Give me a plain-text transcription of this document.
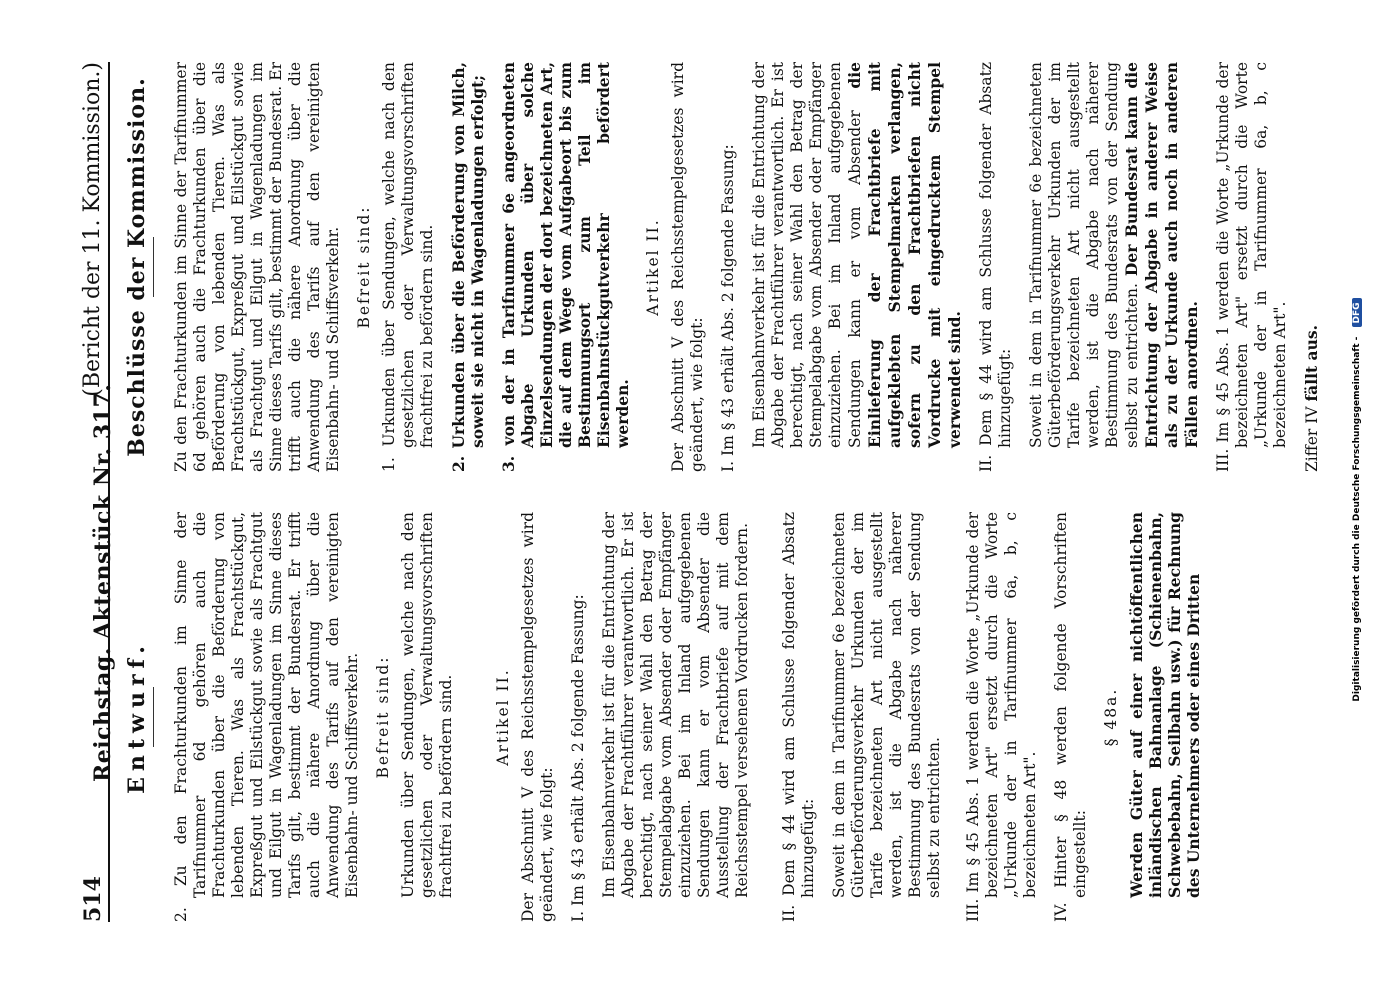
514
Reichstag. Aktenstück Nr. 317.
(Bericht der 11. Kommission.)
Entwurf. 2. Zu den Frachturkunden im Sinne der Tarifnummer 6d gehören auch die Frachturkunden über die Beförderung von lebenden Tieren. Was als Frachtstückgut, Expreßgut und Eilstückgut sowie als Frachtgut und Eilgut in Wagenladungen im Sinne dieses Tarifs gilt, bestimmt der Bundesrat. Er trifft auch die nähere Anordnung über die Anwendung des Tarifs auf den vereinigten Eisenbahn- und Schiffsverkehr. Befreit sind: Urkunden über Sendungen, welche nach den gesetzlichen oder Verwaltungsvorschriften frachtfrei zu befördern sind.	Artikel II. Der Abschnitt V des Reichsstempelgesetzes wird geändert, wie folgt: I. Im § 43 erhält Abs. 2 folgende Fassung: Im Eisenbahnverkehr ist für die Entrichtung der Abgabe der Frachtführer verantwortlich. Er ist berechtigt, nach seiner Wahl den Betrag der Stempelabgabe vom Absender oder Empfänger einzuziehen. Bei im Inland aufgegebenen Sendungen kann er vom Absender die Ausstellung der Frachtbriefe auf mit dem Reichsstempel versehenen Vordrucken fordern. II. Dem § 44 wird am Schlusse folgender Absatz hinzugefügt: Soweit in dem in Tarifnummer 6e bezeichneten Güterbeförderungsverkehr Urkunden der im Tarife bezeichneten Art nicht ausgestellt werden, ist die Abgabe nach näherer Bestimmung des Bundesrats von der Sendung selbst zu entrichten. III. Im § 45 Abs. 1 werden die Worte „Urkunde der bezeichneten Art" ersetzt durch die Worte „Urkunde der in Tarifnummer 6a, b, c bezeichneten Art". IV. Hinter § 48 werden folgende Vorschriften eingestellt:

§ 48a. Werden Güter auf einer nichtöffentlichen inländischen Bahnanlage (Schienenbahn, Schwebebahn, Seilbahn usw.) für Rechnung des Unternehmers oder eines Dritten

Beschlüsse der Kommission. Zu den Frachturkunden im Sinne der Tarifnummer 6d gehören auch die Frachturkunden über die Beförderung von lebenden Tieren. Was als Frachtstückgut, Expreßgut und Eilstückgut sowie als Frachtgut und Eilgut in Wagenladungen im Sinne dieses Tarifs gilt, bestimmt der Bundesrat. Er trifft auch die nähere Anordnung über die Anwendung des Tarifs auf den vereinigten Eisenbahn- und Schiffsverkehr. Befreit sind: 1. Urkunden über Sendungen, welche nach den gesetzlichen oder Verwaltungsvorschriften frachtfrei zu befördern sind. 2. Urkunden über die Beförderung von Milch, soweit sie nicht in Wagenladungen erfolgt; 3. von der in Tarifnummer 6e angeordneten Abgabe Urkunden über solche Einzelsendungen der dort bezeichneten Art, die auf dem Wege vom Aufgabeort bis zum Bestimmungsort zum Teil im Eisenbahnstückgutverkehr befördert werden.

Artikel II. Der Abschnitt V des Reichsstempelgesetzes wird geändert, wie folgt: I. Im § 43 erhält Abs. 2 folgende Fassung: Im Eisenbahnverkehr ist für die Entrichtung der Abgabe der Frachtführer verantwortlich. Er ist berechtigt, nach seiner Wahl den Betrag der Stempelabgabe vom Absender oder Empfänger einzuziehen. Bei im Inland aufgegebenen Sendungen kann er vom Absender die Einlieferung der Frachtbriefe mit aufgeklebten Stempelmarken verlangen, sofern zu den Frachtbriefen nicht Vordrucke mit eingedrucktem Stempel verwendet sind. II. Dem § 44 wird am Schlusse folgender Absatz hinzugefügt: Soweit in dem in Tarifnummer 6e bezeichneten Güterbeförderungsverkehr Urkunden der im Tarife bezeichneten Art nicht ausgestellt werden, ist die Abgabe nach näherer Bestimmung des Bundesrats von der Sendung selbst zu entrichten. Der Bundesrat kann die Entrichtung der Abgabe in anderer Weise als zu der Urkunde auch noch in anderen Fällen anordnen. III. Im § 45 Abs. 1 werden die Worte „Urkunde der bezeichneten Art" ersetzt durch die Worte „Urkunde der in Tarifnummer 6a, b, c bezeichneten Art". Ziffer IV fällt aus.	Digitalisierung gefördert durch die Deutsche Forschungsgemeinschaft - DFG
